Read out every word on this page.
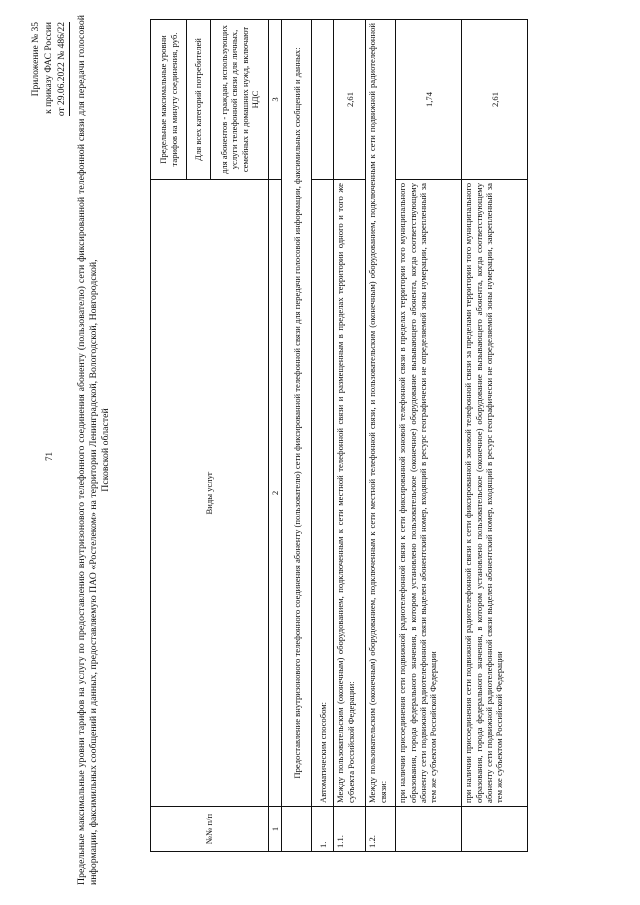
71
Приложение № 35 к приказу ФАС России от 29.06.2022 № 486/22
Предельные максимальные уровни тарифов на услугу по предоставлению внутризонового телефонного соединения абонентy (пользователю) сети фиксированной телефонной связи для передачи голосовой информации, факсимильных сообщений и данных, предоставляемую ПАО «Ростелеком» на территории Ленинградской, Вологодской, Новгородской, Псковской областей
№№ п/п	Виды услуг	Предельные максимальные уровни тарифов на минуту соединения, руб.
		Для всех категорий потребителей
		для абонентов - граждан, использующих услуги телефонной связи для личных, семейных и домашних нужд, включают НДС
1	2	3
	Предоставление внутризонового телефонного соединения абоненту (пользователю) сети фиксированной телефонной связи для передачи голосовой информации, факсимильных сообщений и данных:	
1.	Автоматическим способом:	
1.1.	Между пользовательским (оконечным) оборудованием, подключенным к сети местной телефонной связи и размещенным в пределах территории одного и того же субъекта Российской Федерации:	2,61
1.2.	Между пользовательским (оконечным) оборудованием, подключенным к сети местной телефонной связи, и пользовательским (оконечным) оборудованием, подключенным к сети подвижной радиотелефонной связи:	
	при наличии присоединения сети подвижной радиотелефонной связи к сети фиксированной зоновой телефонной связи в пределах территории того муниципального образования, города федерального значения, в котором установлено пользовательское (оконечное) оборудование вызывающего абонента, когда соответствующему абоненту сети подвижной радиотелефонной связи выделен абонентский номер, входящий в ресурс географически не определяемой зоны нумерации, закрепленный за тем же субъектом Российской Федерации	1,74
	при наличии присоединения сети подвижной радиотелефонной связи к сети фиксированной зоновой телефонной связи за пределами территории того муниципального образования, города федерального значения, в котором установлено пользовательское (оконечное) оборудование вызывающего абонента, когда соответствующему абоненту сети подвижной радиотелефонной связи выделен абонентский номер, входящий в ресурс географически не определяемой зоны нумерации, закрепленный за тем же субъектом Российской Федерации	2,61
